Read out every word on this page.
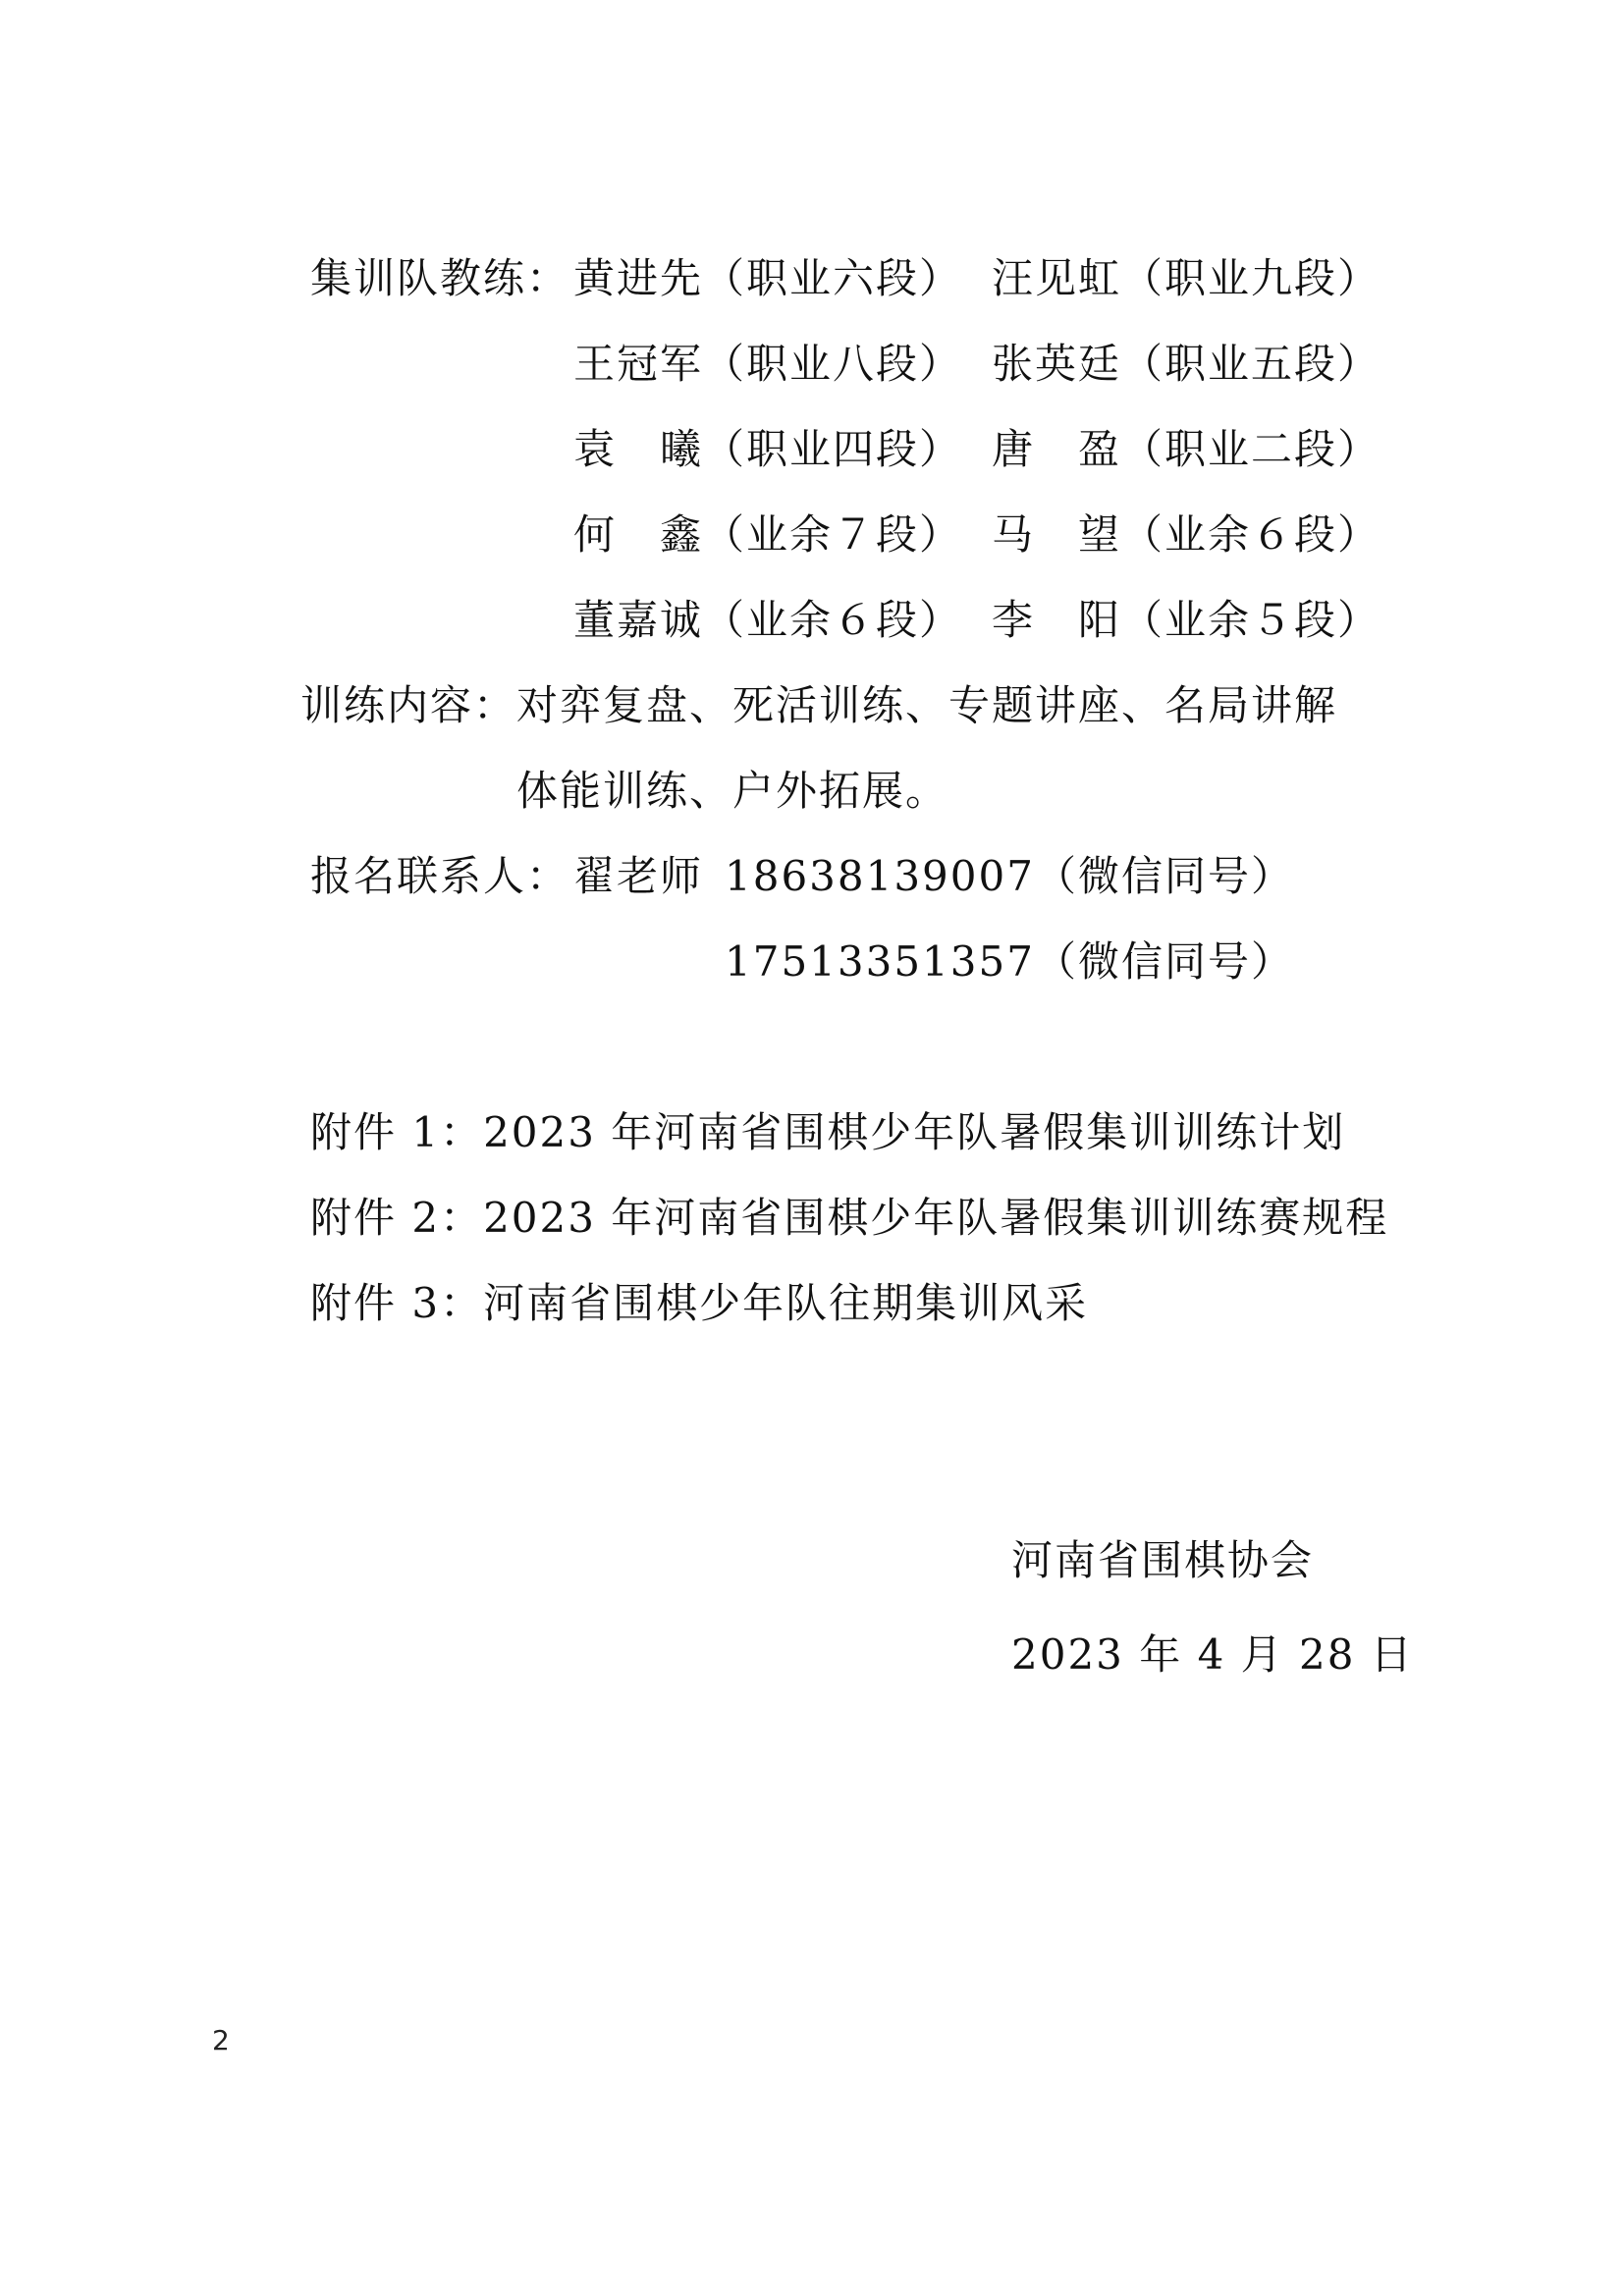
集训队教练： 黄进先（职业六段） 汪见虹（职业九段）
王冠军（职业八段） 张英廷（职业五段）
袁　曦（职业四段） 唐　盈（职业二段）
何　鑫（业余７段） 马　望（业余６段）
董嘉诚（业余６段） 李　阳（业余５段）
训练内容： 对弈复盘、死活训练、专题讲座、名局讲解
体能训练、户外拓展。
报名联系人： 翟老师 18638139007（微信同号）
17513351357（微信同号）
附件 1：2023 年河南省围棋少年队暑假集训训练计划
附件 2：2023 年河南省围棋少年队暑假集训训练赛规程
附件 3：河南省围棋少年队往期集训风采
河南省围棋协会
2023 年 4 月 28 日
2
